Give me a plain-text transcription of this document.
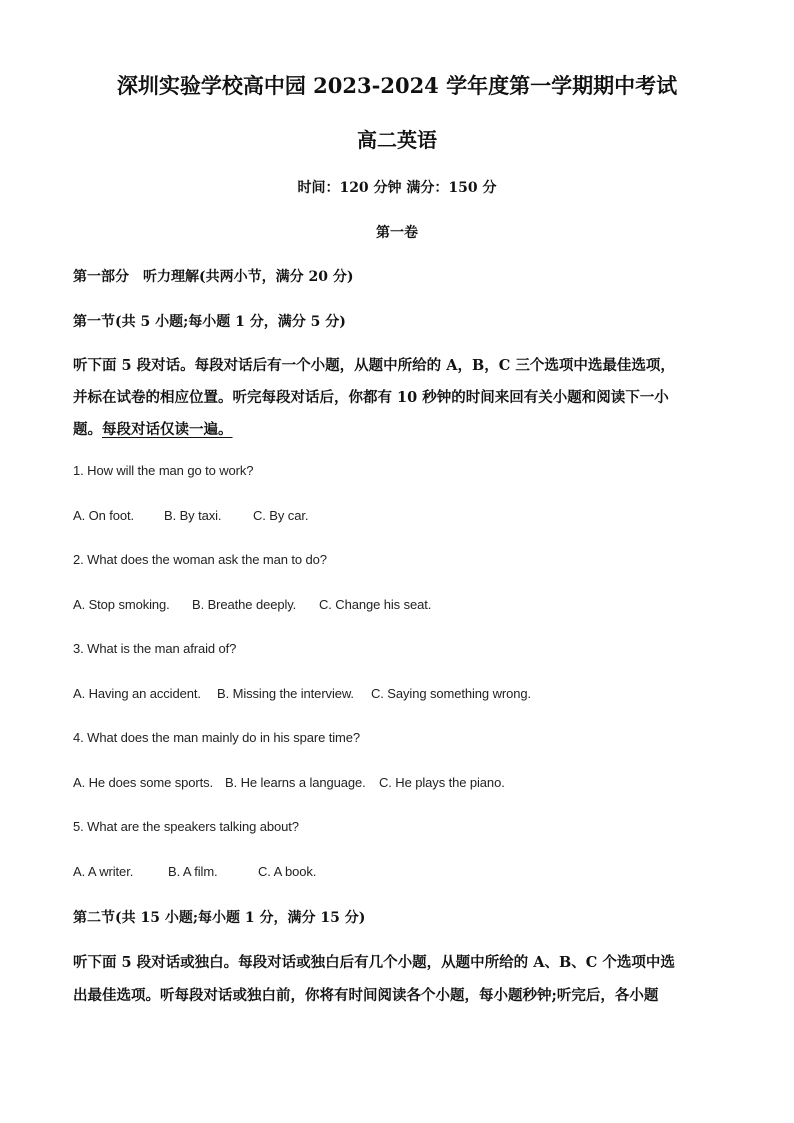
深圳实验学校高中园 2023-2024 学年度第一学期期中考试
高二英语
时间：120 分钟 满分：150 分
第一卷
第一部分　听力理解(共两小节，满分 20 分)
第一节(共 5 小题;每小题 1 分，满分 5 分)
听下面 5 段对话。每段对话后有一个小题，从题中所给的 A，B，C 三个选项中选最佳选项，
并标在试卷的相应位置。听完每段对话后，你都有 10 秒钟的时间来回有关小题和阅读下一小
题。每段对话仅读一遍。
1. How will the man go to work?
A. On foot. B. By taxi. C. By car.
2. What does the woman ask the man to do?
A. Stop smoking. B. Breathe deeply. C. Change his seat.
3. What is the man afraid of?
A. Having an accident. B. Missing the interview. C. Saying something wrong.
4. What does the man mainly do in his spare time?
A. He does some sports. B. He learns a language. C. He plays the piano.
5. What are the speakers talking about?
A. A writer.	B. A film.	C. A book.
第二节(共 15 小题;每小题 1 分，满分 15 分)
听下面 5 段对话或独白。每段对话或独白后有几个小题，从题中所给的 A、B、C 个选项中选
出最佳选项。听每段对话或独白前，你将有时间阅读各个小题，每小题秒钟;听完后，各小题
